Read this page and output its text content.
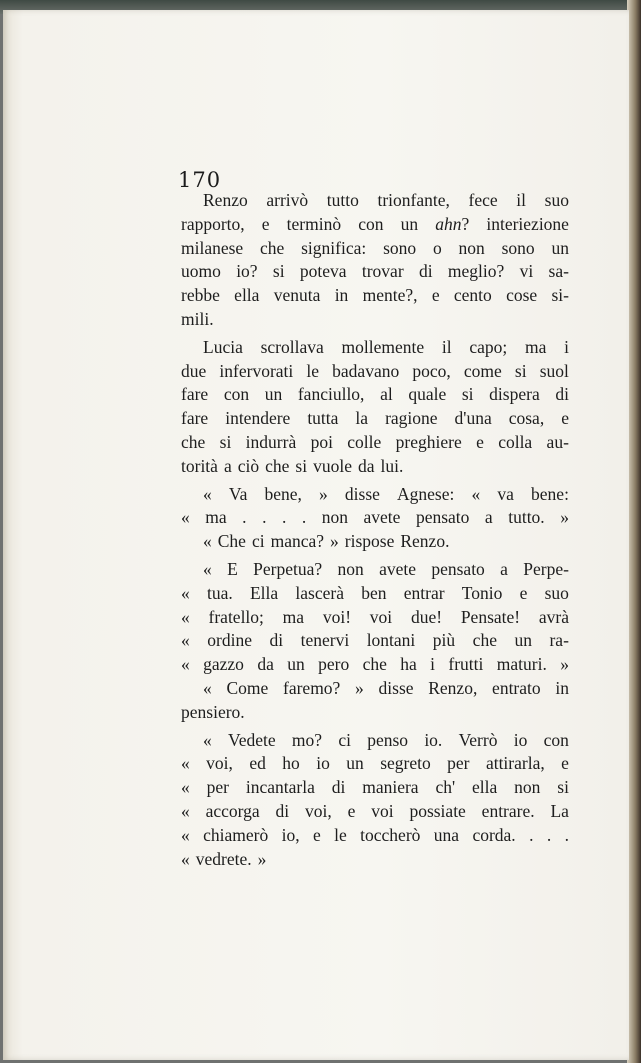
170
Renzo arrivò tutto trionfante, fece il suo
rapporto, e terminò con un ahn? interiezione
milanese che significa: sono o non sono un
uomo io? si poteva trovar di meglio? vi sa-
rebbe ella venuta in mente?, e cento cose si-
mili.
Lucia scrollava mollemente il capo; ma i
due infervorati le badavano poco, come si suol
fare con un fanciullo, al quale si dispera di
fare intendere tutta la ragione d'una cosa, e
che si indurrà poi colle preghiere e colla au-
torità a ciò che si vuole da lui.
« Va bene, » disse Agnese: « va bene:
« ma . . . . non avete pensato a tutto. »
« Che ci manca? » rispose Renzo.
« E Perpetua? non avete pensato a Perpe-
« tua. Ella lascerà ben entrar Tonio e suo
« fratello; ma voi! voi due! Pensate! avrà
« ordine di tenervi lontani più che un ra-
« gazzo da un pero che ha i frutti maturi. »
« Come faremo? » disse Renzo, entrato in
pensiero.
« Vedete mo? ci penso io. Verrò io con
« voi, ed ho io un segreto per attirarla, e
« per incantarla di maniera ch' ella non si
« accorga di voi, e voi possiate entrare. La
« chiamerò io, e le toccherò una corda. . . .
« vedrete. »
